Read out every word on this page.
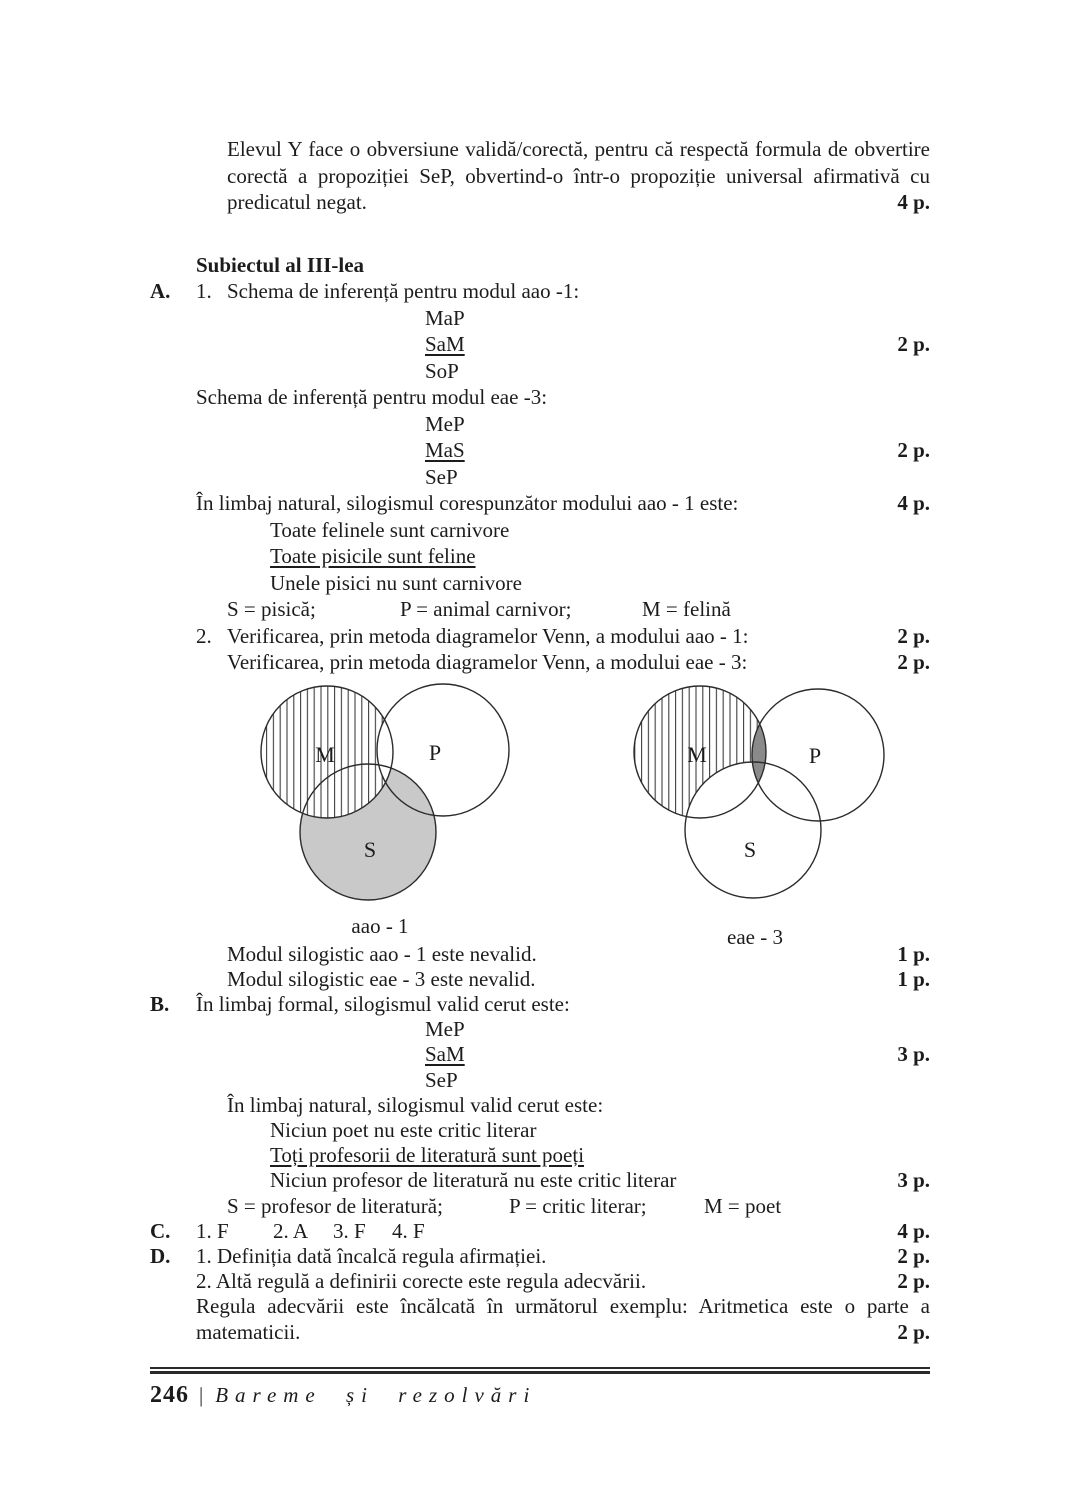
Elevul Y face o obversiune validă/corectă, pentru că respectă formula de obvertire corectă a propoziției SeP, obvertind-o într-o propoziție universal afirmativă cu predicatul negat.	4 p.
Subiectul al III-lea
A.	1. Schema de inferență pentru modul aao -1:
MaP
SaM	2 p.
SoP
Schema de inferență pentru modul eae -3:
MeP
MaS	2 p.
SeP
În limbaj natural, silogismul corespunzător modului aao - 1 este:	4 p.
Toate felinele sunt carnivore
Toate pisicile sunt feline
Unele pisici nu sunt carnivore
S = pisică;	P = animal carnivor;	M = felină
2. Verificarea, prin metoda diagramelor Venn, a modului aao - 1:	2 p.
Verificarea, prin metoda diagramelor Venn, a modului eae - 3:	2 p.
M	P
S
M	P
S
aao - 1	eae - 3
Modul silogistic aao - 1 este nevalid.	1 p.
Modul silogistic eae - 3 este nevalid.	1 p.
B.	În limbaj formal, silogismul valid cerut este:
MeP
SaM	3 p.
SeP
În limbaj natural, silogismul valid cerut este:
Niciun poet nu este critic literar
Toți profesorii de literatură sunt poeți
Niciun profesor de literatură nu este critic literar	3 p.
S = profesor de literatură;	P = critic literar;	M = poet
C.	1. F 2. A 3. F 4. F	4 p.
D.	1. Definiția dată încalcă regula afirmației.	2 p.
2. Altă regulă a definirii corecte este regula adecvării.	2 p.

Regula adecvării este încălcată în următorul exemplu: Aritmetica este o parte a matematicii.	2 p.
246 | Bareme și rezolvări
